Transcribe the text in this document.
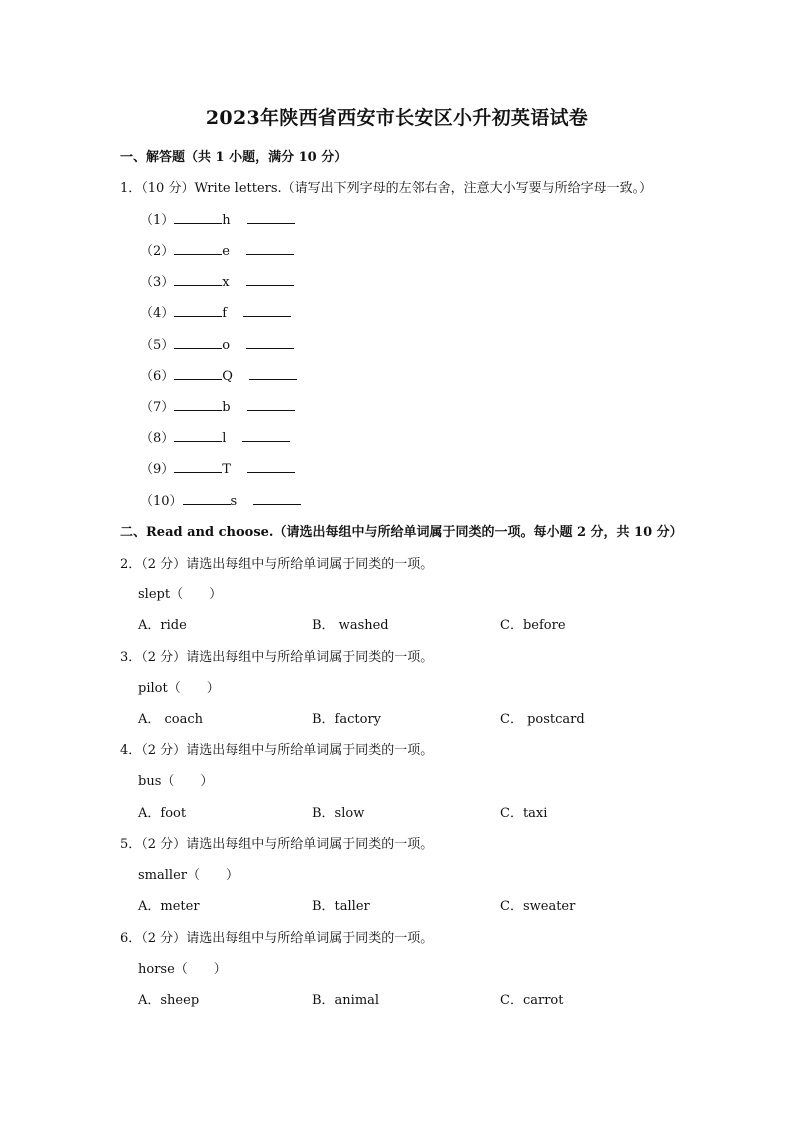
2023年陕西省西安市长安区小升初英语试卷
一、解答题（共 1 小题，满分 10 分）
1．（10 分）Write letters.（请写出下列字母的左邻右舍，注意大小写要与所给字母一致。）
（1）	h
（2）	e
（3）	x
（4）	f
（5）	o
（6）	Q
（7）	b
（8）	l
（9）	T
（10）	s
二、Read and choose.（请选出每组中与所给单词属于同类的一项。每小题 2 分，共 10 分）
2．（2 分）请选出每组中与所给单词属于同类的一项。
slept（　　）
A．ride	B． washed	C．before
3．（2 分）请选出每组中与所给单词属于同类的一项。
pilot（　　）
A． coach	B．factory	C． postcard
4．（2 分）请选出每组中与所给单词属于同类的一项。
bus（　　）
A．foot	B．slow	C．taxi
5．（2 分）请选出每组中与所给单词属于同类的一项。
smaller（　　）
A．meter	B．taller	C．sweater
6．（2 分）请选出每组中与所给单词属于同类的一项。
horse（　　）
A．sheep	B．animal	C．carrot
